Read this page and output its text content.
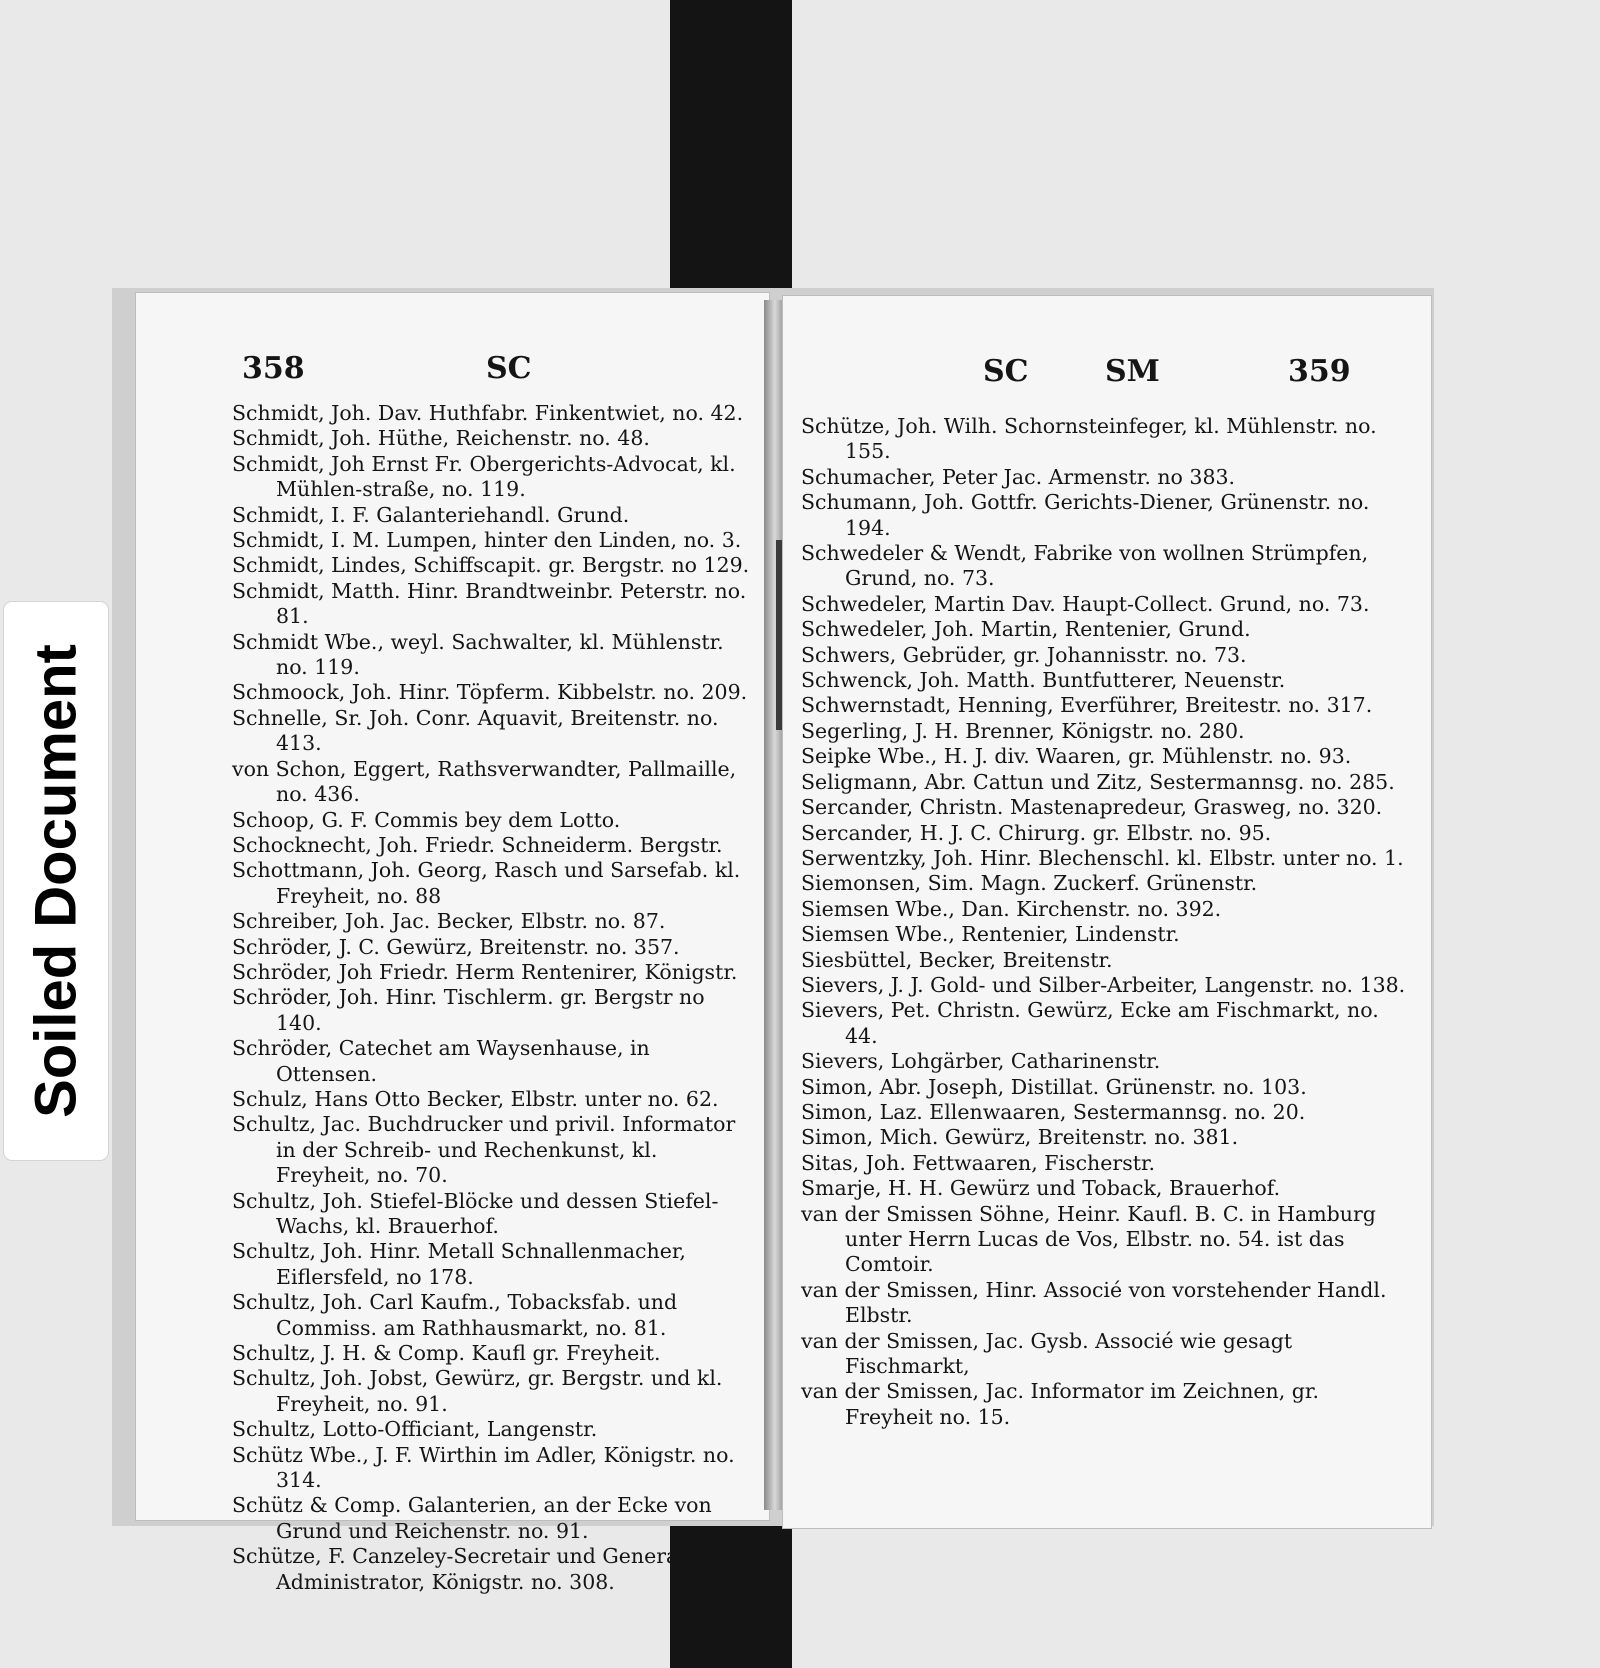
358	SC

Schmidt, Joh. Dav. Huthfabr. Finkentwiet, no. 42.

Schmidt, Joh. Hüthe, Reichenstr. no. 48.

Schmidt, Joh Ernst Fr. Obergerichts-Advocat, kl. Mühlen-straße, no. 119.

Schmidt, I. F. Galanteriehandl. Grund.

Schmidt, I. M. Lumpen, hinter den Linden, no. 3.

Schmidt, Lindes, Schiffscapit. gr. Bergstr. no 129.

Schmidt, Matth. Hinr. Brandtweinbr. Peterstr. no. 81.

Schmidt Wbe., weyl. Sachwalter, kl. Mühlenstr. no. 119.

Schmoock, Joh. Hinr. Töpferm. Kibbelstr. no. 209.

Schnelle, Sr. Joh. Conr. Aquavit, Breitenstr. no. 413.

von Schon, Eggert, Rathsverwandter, Pallmaille, no. 436.

Schoop, G. F. Commis bey dem Lotto.

Schocknecht, Joh. Friedr. Schneiderm. Bergstr.

Schottmann, Joh. Georg, Rasch und Sarsefab. kl. Freyheit, no. 88

Schreiber, Joh. Jac. Becker, Elbstr. no. 87.

Schröder, J. C. Gewürz, Breitenstr. no. 357.

Schröder, Joh Friedr. Herm Rentenirer, Königstr.

Schröder, Joh. Hinr. Tischlerm. gr. Bergstr no 140.

Schröder, Catechet am Waysenhause, in Ottensen.

Schulz, Hans Otto Becker, Elbstr. unter no. 62.

Schultz, Jac. Buchdrucker und privil. Informator in der Schreib- und Rechenkunst, kl. Freyheit, no. 70.

Schultz, Joh. Stiefel-Blöcke und dessen Stiefel-Wachs, kl. Brauerhof.

Schultz, Joh. Hinr. Metall Schnallenmacher, Eiflersfeld, no 178.

Schultz, Joh. Carl Kaufm., Tobacksfab. und Commiss. am Rathhausmarkt, no. 81.

Schultz, J. H. & Comp. Kaufl gr. Freyheit.

Schultz, Joh. Jobst, Gewürz, gr. Bergstr. und kl. Freyheit, no. 91.

Schultz, Lotto-Officiant, Langenstr.

Schütz Wbe., J. F. Wirthin im Adler, Königstr. no. 314.

Schütz & Comp. Galanterien, an der Ecke von Grund und Reichenstr. no. 91.

Schütze, F. Canzeley-Secretair und General-Lotto Administrator, Königstr. no. 308.

SC	SM	359

Schütze, Joh. Wilh. Schornsteinfeger, kl. Mühlenstr. no. 155.

Schumacher, Peter Jac. Armenstr. no 383.

Schumann, Joh. Gottfr. Gerichts-Diener, Grünenstr. no. 194.

Schwedeler & Wendt, Fabrike von wollnen Strümpfen, Grund, no. 73.

Schwedeler, Martin Dav. Haupt-Collect. Grund, no. 73.

Schwedeler, Joh. Martin, Rentenier, Grund.

Schwers, Gebrüder, gr. Johannisstr. no. 73.

Schwenck, Joh. Matth. Buntfutterer, Neuenstr.

Schwernstadt, Henning, Everführer, Breitestr. no. 317.

Segerling, J. H. Brenner, Königstr. no. 280.

Seipke Wbe., H. J. div. Waaren, gr. Mühlenstr. no. 93.

Seligmann, Abr. Cattun und Zitz, Sestermannsg. no. 285.

Sercander, Christn. Mastenapredeur, Grasweg, no. 320.

Sercander, H. J. C. Chirurg. gr. Elbstr. no. 95.

Serwentzky, Joh. Hinr. Blechenschl. kl. Elbstr. unter no. 1.

Siemonsen, Sim. Magn. Zuckerf. Grünenstr.

Siemsen Wbe., Dan. Kirchenstr. no. 392.

Siemsen Wbe., Rentenier, Lindenstr.

Siesbüttel, Becker, Breitenstr.

Sievers, J. J. Gold- und Silber-Arbeiter, Langenstr. no. 138.

Sievers, Pet. Christn. Gewürz, Ecke am Fischmarkt, no. 44.

Sievers, Lohgärber, Catharinenstr.

Simon, Abr. Joseph, Distillat. Grünenstr. no. 103.

Simon, Laz. Ellenwaaren, Sestermannsg. no. 20.

Simon, Mich. Gewürz, Breitenstr. no. 381.

Sitas, Joh. Fettwaaren, Fischerstr.

Smarje, H. H. Gewürz und Toback, Brauerhof.

van der Smissen Söhne, Heinr. Kaufl. B. C. in Hamburg unter Herrn Lucas de Vos, Elbstr. no. 54. ist das Comtoir.

van der Smissen, Hinr. Associé von vorstehender Handl. Elbstr.

van der Smissen, Jac. Gysb. Associé wie gesagt Fischmarkt,

van der Smissen, Jac. Informator im Zeichnen, gr. Freyheit no. 15.

Soiled Document
